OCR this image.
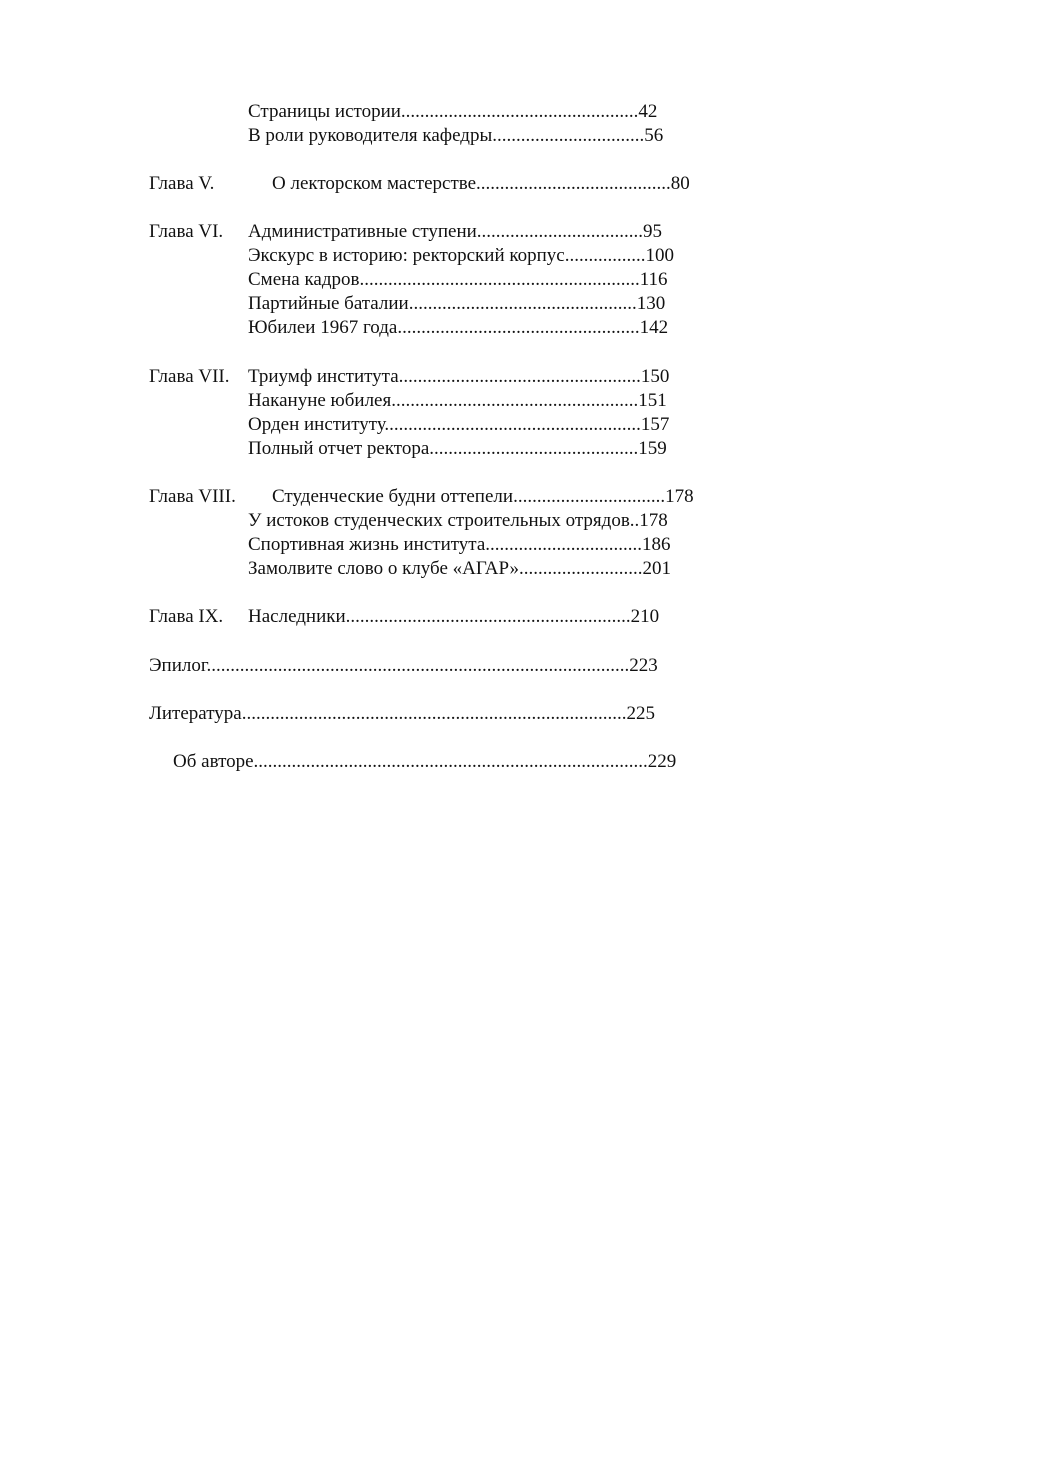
Страницы истории..................................................42
В роли руководителя кафедры................................56
Глава V.	О лекторском мастерстве.........................................80
Глава VI. Административные ступени...................................95
Экскурс в историю: ректорский корпус.................100
Смена кадров...........................................................116
Партийные баталии................................................130
Юбилеи 1967 года...................................................142
Глава VII. Триумф института...................................................150
Накануне юбилея....................................................151
Орден институту......................................................157
Полный отчет ректора............................................159
Глава VIII. Студенческие будни оттепели................................178
У истоков студенческих строительных отрядов..178
Спортивная жизнь института.................................186
Замолвите слово о клубе «АГАР»..........................201
Глава IX. Наследники............................................................210
Эпилог.........................................................................................223
Литература.................................................................................225
Об авторе...................................................................................229
